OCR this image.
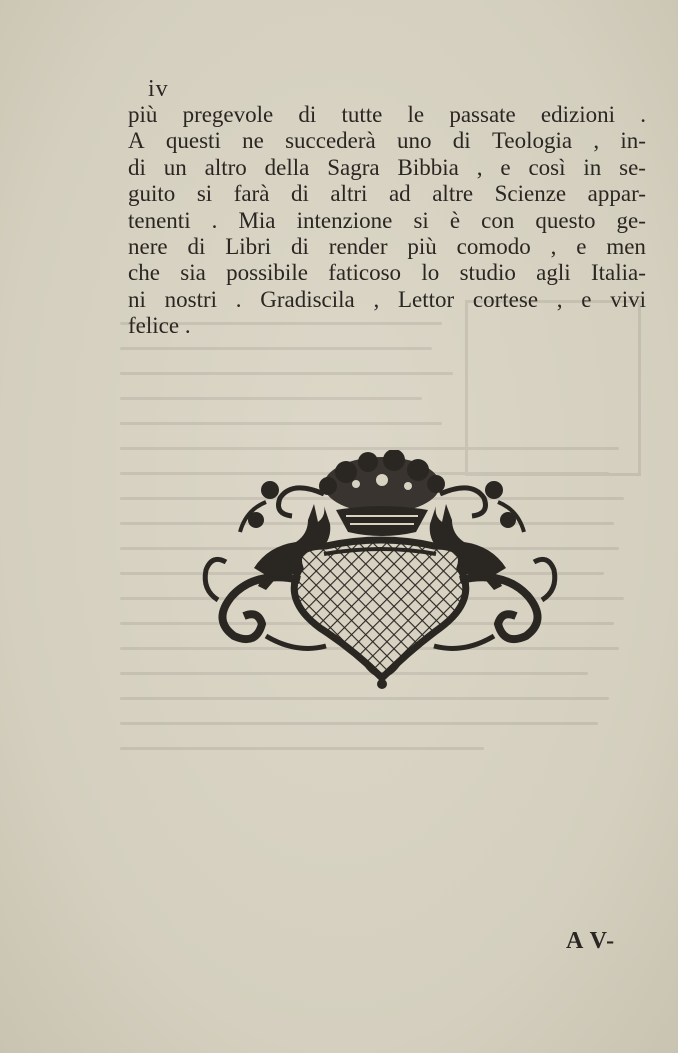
iv
più pregevole di tutte le passate edizioni .
A questi ne succederà uno di Teologia , in-
di un altro della Sagra Bibbia , e così in se-
guito si farà di altri ad altre Scienze appar-
tenenti . Mia intenzione si è con questo ge-
nere di Libri di render più comodo , e men
che sia possibile faticoso lo studio agli Italia-
ni nostri . Gradiscila , Lettor cortese , e vivi
felice .
A V-
